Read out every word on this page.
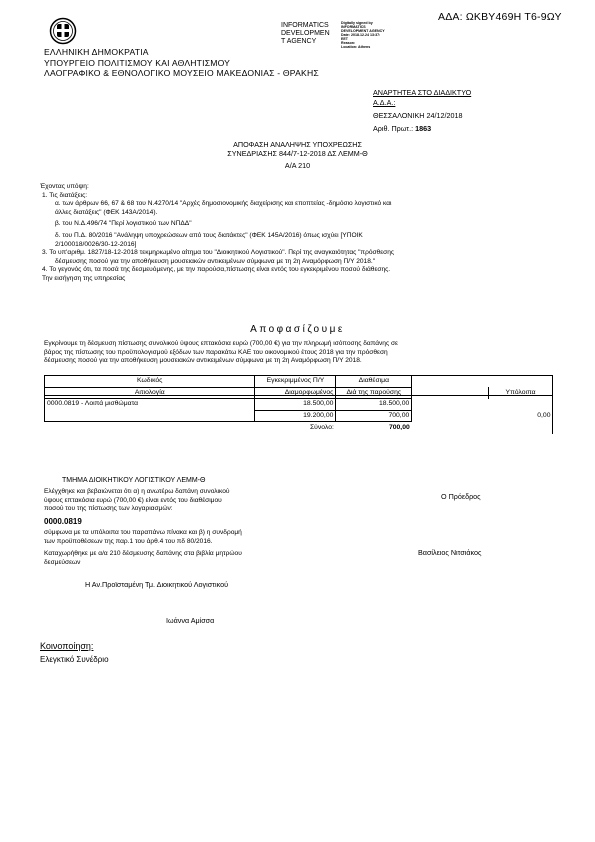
ΑΔΑ: ΩΚΒΥ469Η Τ6-9ΩΥ
INFORMATICS
DEVELOPMEN
T AGENCY
Digitally signed by
INFORMATICS
DEVELOPMENT AGENCY
Date: 2018.12.24 13:37:
EET
Reason:
Location: Athens
ΕΛΛΗΝΙΚΗ ΔΗΜΟΚΡΑΤΙΑ
ΥΠΟΥΡΓΕΙΟ ΠΟΛΙΤΙΣΜΟΥ ΚΑΙ ΑΘΛΗΤΙΣΜΟΥ
ΛΑΟΓΡΑΦΙΚΟ & ΕΘΝΟΛΟΓΙΚΟ ΜΟΥΣΕΙΟ ΜΑΚΕΔΟΝΙΑΣ - ΘΡΑΚΗΣ
ΑΝΑΡΤΗΤΕΑ ΣΤΟ ΔΙΑΔΙΚΤΥΟ
Α.Δ.Α.:
ΘΕΣΣΑΛΟΝΙΚΗ 24/12/2018
Αριθ. Πρωτ.: 1863
ΑΠΟΦΑΣΗ ΑΝΑΛΗΨΗΣ ΥΠΟΧΡΕΩΣΗΣ
ΣΥΝΕΔΡΙΑΣΗΣ 844/7-12-2018 ΔΣ ΛΕΜΜ-Θ
Α/Α 210
Έχοντας υπόψη:
1. Τις διατάξεις:
α. των άρθρων 66, 67 & 68 του Ν.4270/14 "Αρχές δημοσιονομικής διαχείρισης και εποπτείας -δημόσιο λογιστικό και
άλλες διατάξεις" (ΦΕΚ 143Α/2014).
β. του Ν.Δ.496/74 "Περί λογιστικού των ΝΠΔΔ"
δ. του Π.Δ. 80/2016 "Ανάληψη υποχρεώσεων από τους διατάκτες" (ΦΕΚ 145Α/2016) όπως ισχύει [ΥΠΟΙΚ
2/100018/0026/30-12-2016]
3. Το υπ'αριθμ. 1827/18-12-2018 τεκμηριωμένο αίτημα του "Διοικητικού Λογιστικού". Περί της αναγκαιότητας "πρόσθεσης
δέσμευσης ποσού για την αποθήκευση μουσειακών αντικειμένων σύμφωνα με τη 2η Αναμόρφωση Π/Υ 2018."
4. Το γεγονός ότι, τα ποσά της δεσμευόμενης, με την παρούσα,πίστωσης είναι εντός του εγκεκριμένου ποσού διάθεσης.
Την εισήγηση της υπηρεσίας
Αποφασίζουμε
Εγκρίνουμε τη δέσμευση πίστωσης συνολικού ύψους επτακόσια ευρώ (700,00 €) για την πληρωμή ισόποσης δαπάνης σε
βάρος της πίστωσης του προϋπολογισμού εξόδων των παρακάτω ΚΑΕ του οικονομικού έτους 2018 για την πρόσθεση
δέσμευσης ποσού για την αποθήκευση μουσειακών αντικειμένων σύμφωνα με τη 2η Αναμόρφωση Π/Υ 2018.
Κωδικός	Εγκεκριμμένος Π/Υ	Διαθέσιμα		
Αιτιολογία	Διαμορφωμένος	Διά της παρούσης		Υπόλοιπα
0000.0819 - Λοιπά μισθώματα	18.500,00	18.500,00		
	19.200,00	700,00		0,00
	Σύνολο:	700,00		
ΤΜΗΜΑ ΔΙΟΙΚΗΤΙΚΟΥ ΛΟΓΙΣΤΙΚΟΥ ΛΕΜΜ-Θ
Ελέγχθηκε και βεβαιώνεται ότι α) η ανωτέρω δαπάνη συνολικού
ύψους επτακόσια ευρώ (700,00 €) είναι εντός του διαθέσιμου
ποσού του της πίστωσης των λογαριασμών:
0000.0819
σύμφωνα με τα υπόλοιπα του παραπάνω πίνακα και β) η συνδρομή
των προϋποθέσεων της παρ.1 του άρθ.4 του πδ 80/2016.
Καταχωρήθηκε με α/α 210 δέσμευσης δαπάνης στα βιβλία μητρώου
δεσμεύσεων
Η Αν.Προϊσταμένη Τμ. Διοικητικού Λογιστικού
Ιωάννα Αμίσσα
Ο Πρόεδρος
Βασίλειος Νιτσιάκος
Κοινοποίηση:
Ελεγκτικό Συνέδριο
